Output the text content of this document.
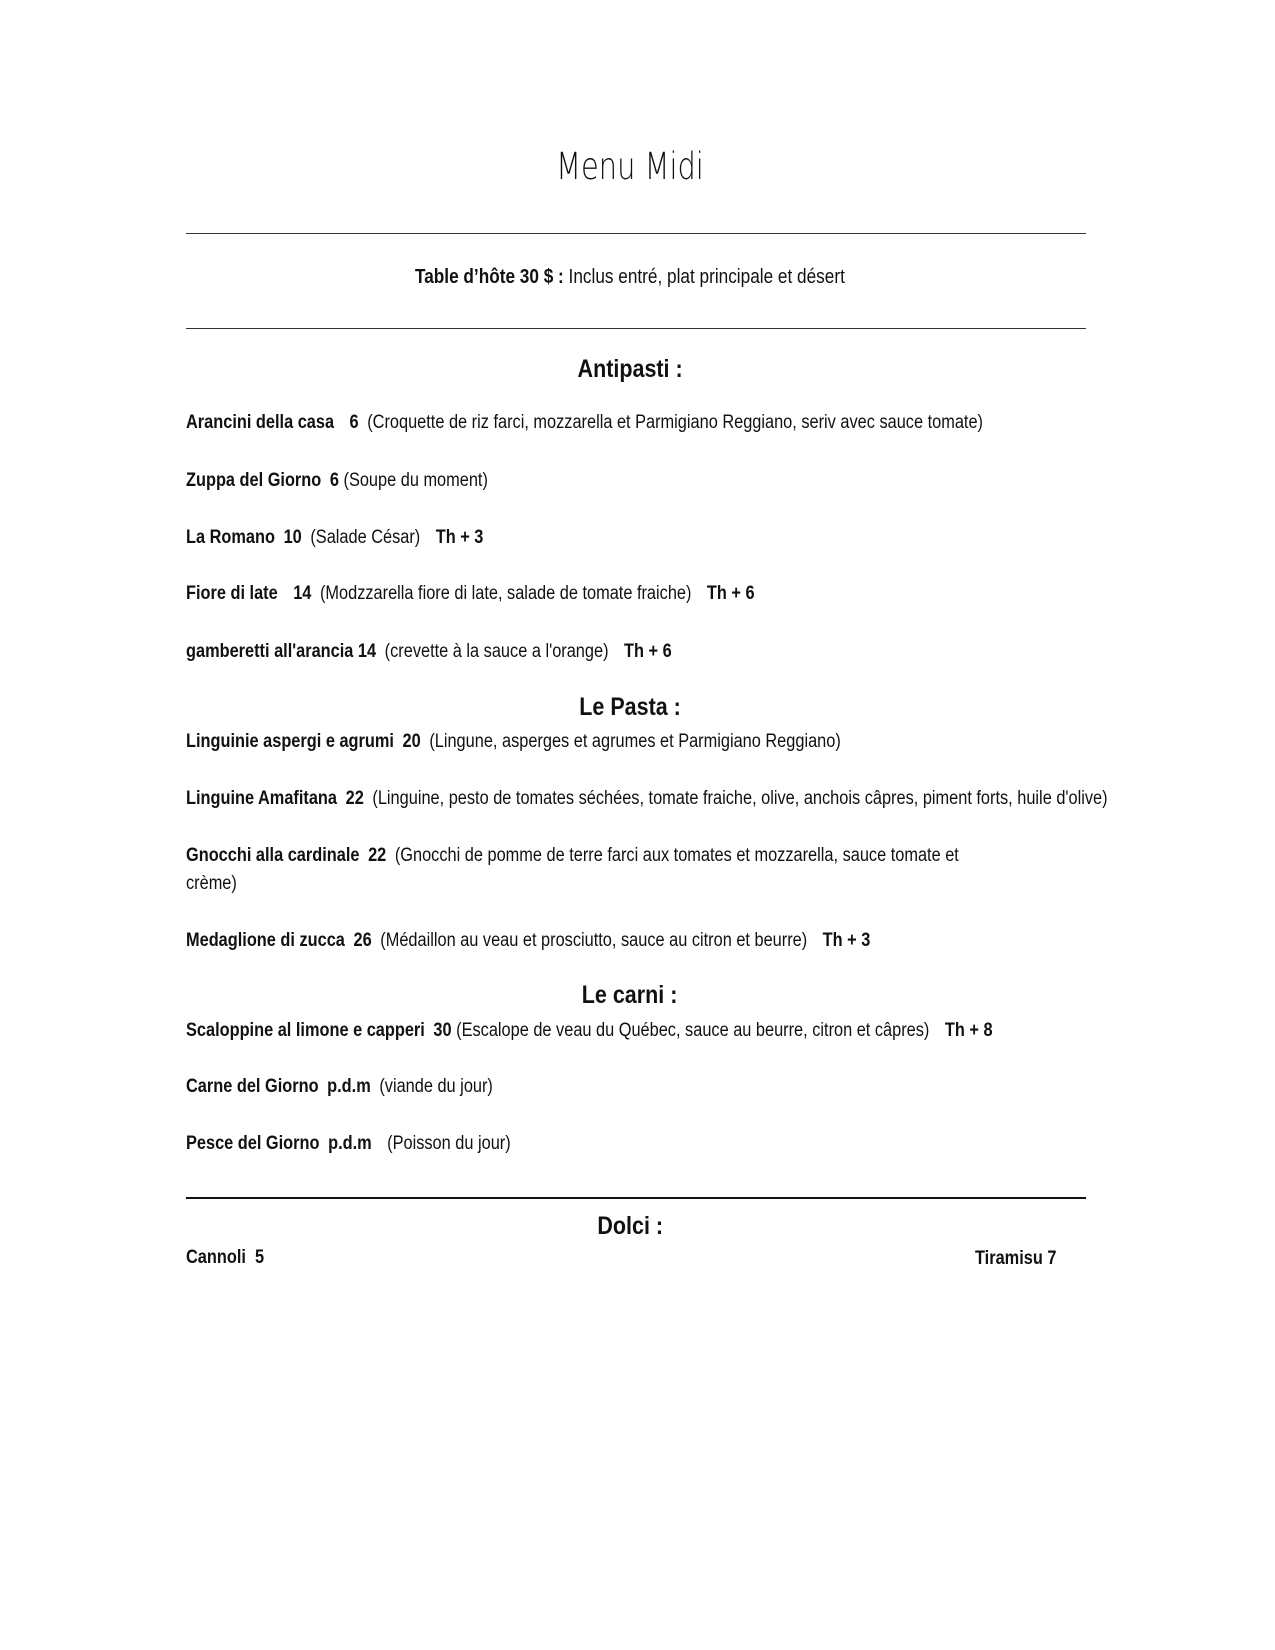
Menu Midi
Table d’hôte 30 $ : Inclus entré, plat principale et désert
Antipasti :
Arancini della casa 6 (Croquette de riz farci, mozzarella et Parmigiano Reggiano, seriv avec sauce tomate)
Zuppa del Giorno 6 (Soupe du moment)
La Romano 10 (Salade César) Th + 3
Fiore di late 14 (Modzzarella fiore di late, salade de tomate fraiche) Th + 6
gamberetti all'arancia 14 (crevette à la sauce a l'orange) Th + 6
Le Pasta :
Linguinie aspergi e agrumi 20 (Lingune, asperges et agrumes et Parmigiano Reggiano)
Linguine Amafitana 22 (Linguine, pesto de tomates séchées, tomate fraiche, olive, anchois câpres, piment forts, huile d'olive)
Gnocchi alla cardinale 22 (Gnocchi de pomme de terre farci aux tomates et mozzarella, sauce tomate et crème)
Medaglione di zucca 26 (Médaillon au veau et prosciutto, sauce au citron et beurre) Th + 3
Le carni :
Scaloppine al limone e capperi 30 (Escalope de veau du Québec, sauce au beurre, citron et câpres) Th + 8
Carne del Giorno p.d.m (viande du jour)
Pesce del Giorno p.d.m (Poisson du jour)
Dolci :
Cannoli 5	Tiramisu 7
